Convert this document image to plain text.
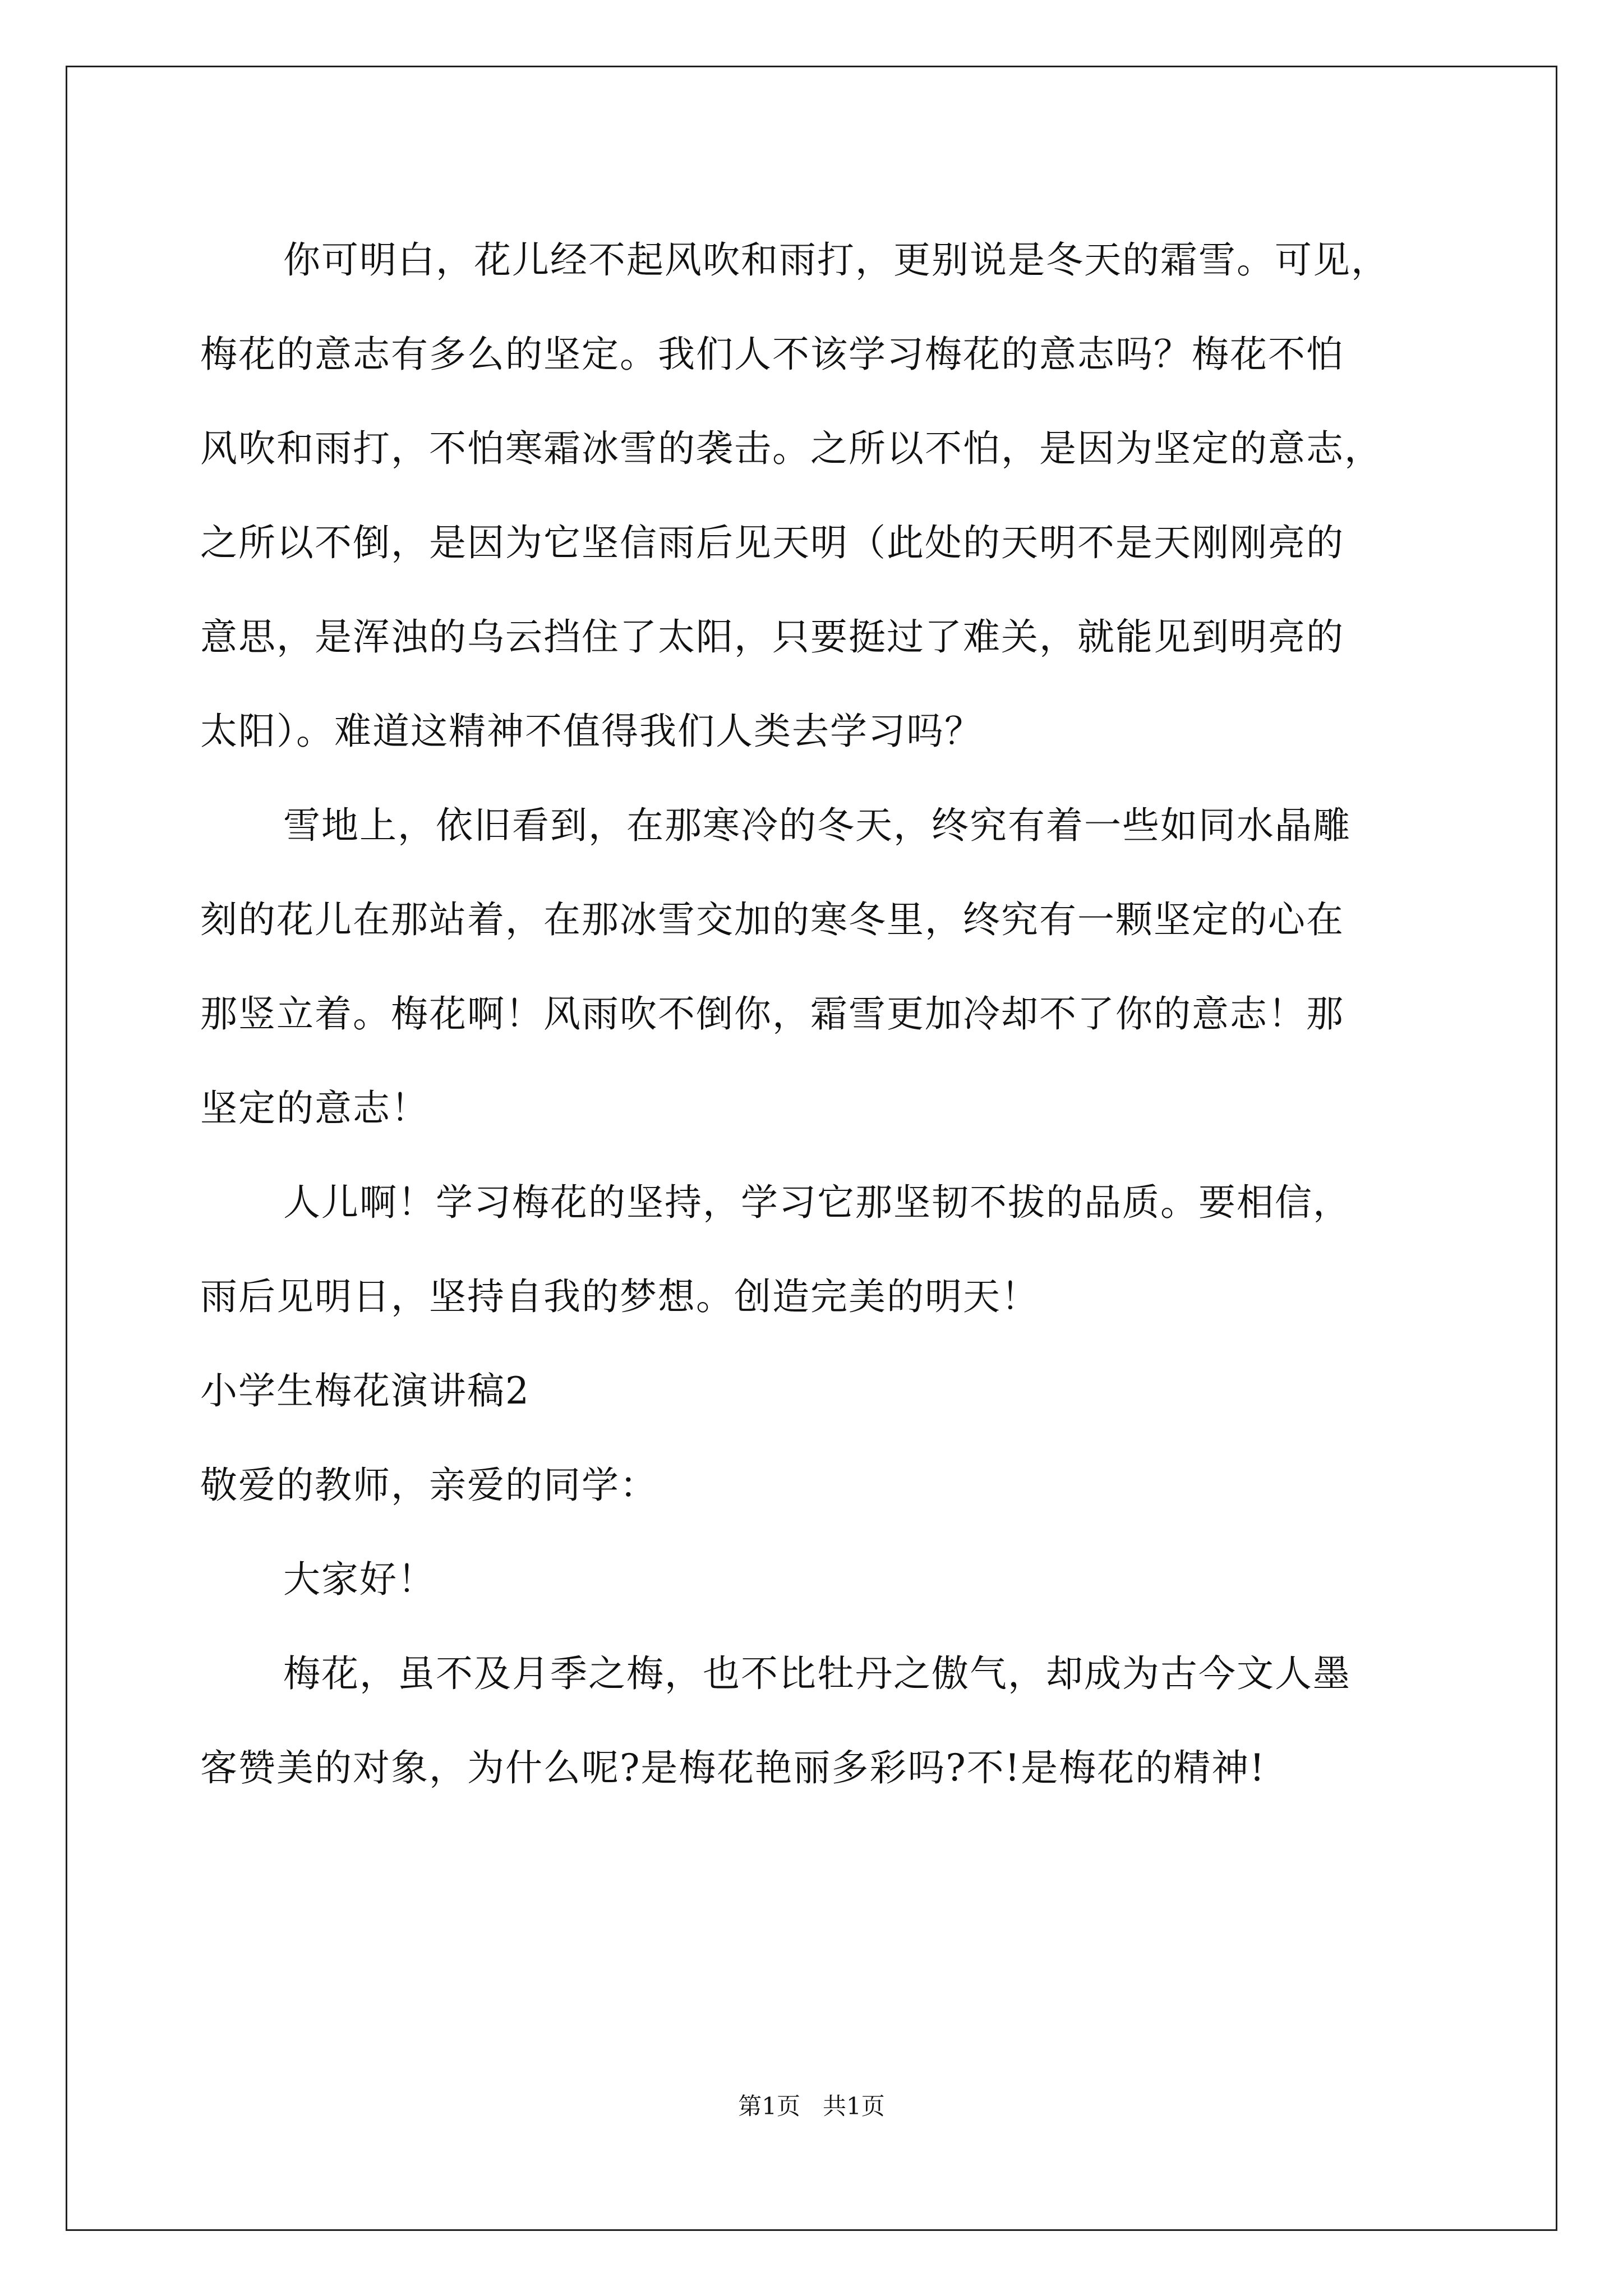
你可明白，花儿经不起风吹和雨打，更别说是冬天的霜雪。可见，
梅花的意志有多么的坚定。我们人不该学习梅花的意志吗？梅花不怕
风吹和雨打，不怕寒霜冰雪的袭击。之所以不怕，是因为坚定的意志，
之所以不倒，是因为它坚信雨后见天明（此处的天明不是天刚刚亮的
意思，是浑浊的乌云挡住了太阳，只要挺过了难关，就能见到明亮的
太阳）。难道这精神不值得我们人类去学习吗？
雪地上，依旧看到，在那寒冷的冬天，终究有着一些如同水晶雕
刻的花儿在那站着，在那冰雪交加的寒冬里，终究有一颗坚定的心在
那竖立着。梅花啊！风雨吹不倒你，霜雪更加冷却不了你的意志！那
坚定的意志！
人儿啊！学习梅花的坚持，学习它那坚韧不拔的品质。要相信，
雨后见明日，坚持自我的梦想。创造完美的明天！
小学生梅花演讲稿2
敬爱的教师，亲爱的同学：
大家好！
梅花，虽不及月季之梅，也不比牡丹之傲气，却成为古今文人墨
客赞美的对象，为什么呢?是梅花艳丽多彩吗?不!是梅花的精神!
第1页   共1页
